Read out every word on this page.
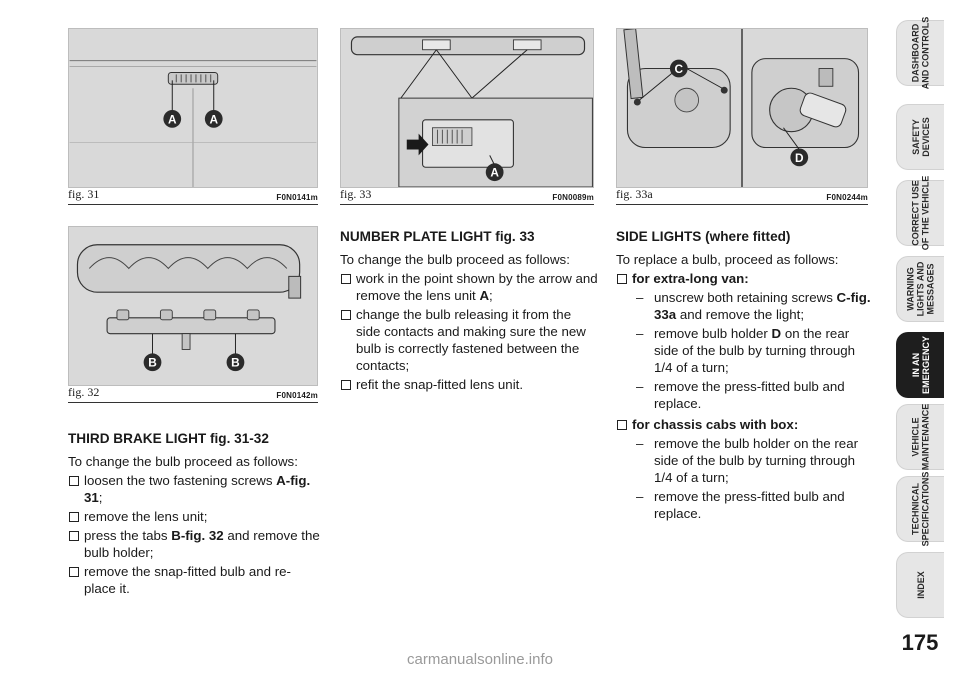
A	A
fig. 31	F0N0141m
B	B
fig. 32	F0N0142m
A
fig. 33	F0N0089m
C
D
fig. 33a	F0N0244m
THIRD BRAKE LIGHT fig. 31-32

To change the bulb proceed as follows:

loosen the two fastening screws A-fig. 31;
remove the lens unit;
press the tabs B-fig. 32 and remove the bulb holder;
remove the snap-fitted bulb and re-place it.
NUMBER PLATE LIGHT fig. 33

To change the bulb proceed as follows:

work in the point shown by the arrow and remove the lens unit A;
change the bulb releasing it from the side contacts and making sure the new bulb is correctly fastened between the contacts;
refit the snap-fitted lens unit.
SIDE LIGHTS (where fitted)

To replace a bulb, proceed as follows:

for extra-long van:
– unscrew both retaining screws C-fig. 33a and remove the light;
– remove bulb holder D on the rear side of the bulb by turning through 1/4 of a turn;
– remove the press-fitted bulb and replace.
for chassis cabs with box:
– remove the bulb holder on the rear side of the bulb by turning through 1/4 of a turn;
– remove the press-fitted bulb and replace.
DASHBOARD
AND CONTROLS
SAFETY
DEVICES
CORRECT USE
OF THE VEHICLE
WARNING
LIGHTS AND
MESSAGES
IN AN
EMERGENCY
VEHICLE
MAINTENANCE
TECHNICAL
SPECIFICATIONS
INDEX
175
carmanualsonline.info
